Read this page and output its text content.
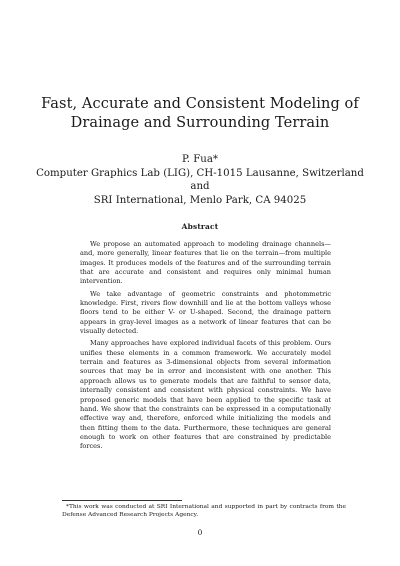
Fast, Accurate and Consistent Modeling of
Drainage and Surrounding Terrain
P. Fua*
Computer Graphics Lab (LIG), CH-1015 Lausanne, Switzerland
and
SRI International, Menlo Park, CA 94025
Abstract

We propose an automated approach to modeling drainage channels—and, more generally, linear features that lie on the terrain—from multiple images. It produces models of the features and of the surrounding terrain that are accurate and consistent and requires only minimal human intervention.

We take advantage of geometric constraints and photommetric knowledge. First, rivers flow downhill and lie at the bottom valleys whose floors tend to be either V- or U-shaped. Second, the drainage pattern appears in gray-level images as a network of linear features that can be visually detected.

Many approaches have explored individual facets of this problem. Ours unifies these elements in a common framework. We accurately model terrain and features as 3-dimensional objects from several information sources that may be in error and inconsistent with one another. This approach allows us to generate models that are faithful to sensor data, internally consistent and consistent with physical constraints. We have proposed generic models that have been applied to the specific task at hand. We show that the constraints can be expressed in a computationally effective way and, therefore, enforced while initializing the models and then fitting them to the data. Furthermore, these techniques are general enough to work on other features that are constrained by predictable forces.

*This work was conducted at SRI International and supported in part by contracts from the Defense Advanced Research Projects Agency.
0
